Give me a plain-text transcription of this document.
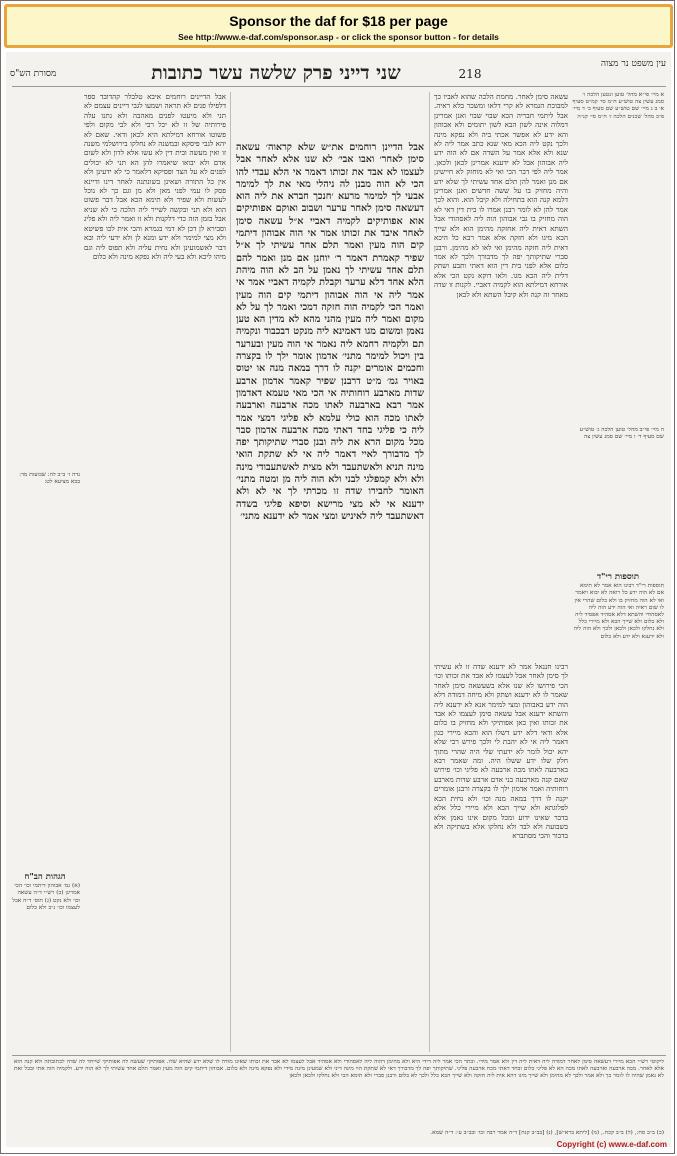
Sponsor the daf for $18 per page
See http://www.e-daf.com/sponsor.asp - or click the sponsor button - for details
מסורת הש"ס	שני דייני פרק שלשה עשר כתובות	218
עין משפט נר מצוה
א מיי׳ פי״א מהל׳ טוען ונטען הלכה ו׳ סמג עשין צה טוש״ע ח״מ סי׳ קמ״ט סעיף א׳ ב ג מיי׳ שם טוש״ע שם סעיף ב׳ ד מיי׳ פ״ב מהל׳ שכנים הלכה ז׳ ח״מ סי׳ קנ״ה
ה מיי׳ פי״ב מהל׳ טוען הלכה ג׳ טוש״ע שם סעיף ד׳ ו מיי׳ שם סמג עשין צה
נדה ז׳ ב״ב לה: שבועות מד: בבא מציעא לט:
הגהות הב"ח
(א) גמ׳ אבוהון דיתמי וכו׳ הכי אמרינן (ב) רש״י ד״ה עשאה וכו׳ ולא נקט (ג) תוס׳ ד״ה אבל לעצמו וכו׳ נ״ב ולא כלום
אבל הדיינים רוחמים איבא טלבלר קהדובד ספר דלפילו פנים לא תראה ושמעו לגבי דיינים עצמם לא תני ולא מיעטו לפנים מאהבה ולא נתנו עלה פירותיה של זו לא יכל רבי ולא לבי מקום ולפי פשוטו אורחא דמילתא היא לכאן ודאי. שאם לא יהא לגבי פיסקא ובמשנה לא נחלקו בירושלמי משנה זו ואין מעשה ובית דין לא עשו אלא לדון ולא לשום אדם ולא יבואו שיאמרו להן הא תני לא יכולים לפנים לא על הצד ופסיקא דלאמר כי לא ידעינן ולא אין כל התורה ושאינן בשונתנה לאחר דינו ודיינא פסק לו עמי לפני מאן ולא מן וגם כך לא נוכל לעשות ולא שפיר ולא תימא הכא אבל דבר פשוט הוא ולא תני ובקשה לשייר ליה הלכה כי לא שניא אבל בזמן הזה כדי דלקנות ולא זו ואמר ליה ולא פליג וסבירא לן דכן לא דמי בגמרא והכי אית לכו פשיטא ולא מצי למימר ולא ידע ומנא לן ולא ידעי ליה ובא דבר לאשמועינן ולא נחית עליה ולא תפוס ליה וגם מיהו ליכא ולא בעי ליה ולא נפקא מינה ולא כלום
אבל הדיינן רוחמים את״ש שלא קראוה׳ עשאה סימן לאחר׳ ואבו אבי׳ לא שנו אלא לאחר אבל לעצמו לא אבד את זכותו דאמר אי הלא עבדי להו הכי לא הוה מבנן לה ניהלי מאי את לך למימר אבעי לך למימר מרעא ׳חנכך חברא את ליה הוא דעשאה סימן לאחר ערער ושבוב ואוקם אפותיקים אוא אפותיקים לקמיה דאביי א״ל עשאה סימן לאחר איבד את זכותו אמר אי הוה אבוהון דיתמי קים הוה מעין ואמר תלם אחד עשיתי לך א״ל שפיר קאמרת דאמר ר׳ יוחנן אם מנן ואמר להם תלם אחד עשיתי לך נאמן על הב לא הוה מיהת הלא אחד דלא ערער וקבלת לקמיה דאביי אמר אי אמר ליה אי הוה אבוהון דיתמי קים הוה מעין ואמר הכי לקמיה הוה חזקה דמכי ואמר לך על לא מקום ואמר ליה מעין מהני מהא לא מדין הא טען נאמן ומשום מגו דאמינא ליה מנקט דבכבוד ונקמיה תם ולקמיה רחמא ליה נאמר אי הוה מעין ובערער בין ויכול למימר מתני׳ אדמון אומר ילך לו בקצרה וחכמים אומרים יקנה לו דרך במאה מנה או יטוס באויר גמ׳ מ״ט דרבנן שפיר קאמר אדמון ארבע שדות מארבע רוחותיה אי הכי מאי טעמא דאדמון אמר רבא בארבעה לאתו מכה ארבעה וארבעה לאתו מכה הוא כולי עלמא לא פליגי דמצי אמר ליה כי פליגי בחד דאתי מכח ארבעה אדמון סבר מכל מקום הרא את ליה ובנן סברי שתיקותך יפה לך מדבורך לאיי דאמר ליה אי לא שתקת הואי מינה תניא ולאשתעבד ולא מצית לאשתעבודי מינה ולא ולא קמפלגי לבני ולא הוה ליה מן ומטה מתני׳ האומר לחבירו שדה זו מכרתי לך אי לא ולא ידענא אי לא מצי מרישא וסיפא פליגי בשדה דאשתעבד ליה לאיניש ומצי אמר לא ידענא מתני׳
עשאה סימן לאחר. מחמת הלכה שהוא לאביו כך למבוכת הגמרא לא קרי דלאו ומשכר בלא ראיה. אבל ליתמי חבריה הכא שבוי שבוי ואנן אמרינן דמלוה אינה לשון הבא לשון יתומים ולא אבוהון והא ידע לא אפשר אכתי ביה ולא נפקא מינה ולכך נקט ליה הכא מאי שנא כתב אמר ליה לא שנא ולא אלא אמר על השדה אם לא הוה ידע ליה אבוהון אבל לא ידענא אמרינן לכאן ולכאן. אמר ליה לפי דבר הכי ואי לא מוחזק לא חיישינן אם מנן ואמר להן תלם אחד עשיתי לך שלא ידע והיה מחזיק בו על ששה חדשים ואנן אמרינן דלמא קנה הוא בתחילה ולא קיבל הוא. והוא לכך אמר להן לא לומר רבנן אמרו לו בית דין דאי לא הוה מחזיק בו גבי אבוהון הוה ליה לאסהודי אבל השתא דאית ליה אחזקה מהימן הוא ולא שייך הכא מיגו ולא חזקה אלא אמר רבא כל היכא דאית ליה חזקה מהימן ואי לאו לא מהימן. ורבנן סברי שתיקותך יפה לך מדבורך ולכך לא אמר כלום אלא לפני בית דין הוא דאתי ותבע ושתק דלית ליה הכא מגו. ולאו דוקא נקט הכי אלא אורחא דמילתא הוא לקמיה דאביי. לקנות זו שדה מאחר זה קנה ולא קיבל השתא ולא לכאן
רבינו חננאל אמר לא ידענא שדה זו לא עשיתי לך סימן לאחר אבל לעצמו לא אבד את זכותו וכו׳ הכי פירושו לא שנו אלא בשעשאה סימן לאחר שאמר לו לא ידענא ושתק ולא מיחה דמודה דלא הוה ידע באבוהון ומצי למימר אנא לא ידענא ליה והשתא ידענא אבל עשאה סימן לעצמו לא אבד את זכותו ואין כאן אפותיקי ולא מחזיק בו כלום אלא ודאי דלא ידע דשלו הוא והכא מיירי כגון דאמר ליה אי לא יהבת לי ולכך פירש רבי שלא יהא יכול לומר לא ידעתי שלי היה שהרי מתוך חלק שלו ידע ששלו היה. ומה שאמר רבא בארבעה לאתו מכה ארבעה לא פליגי וכו׳ פירוש שאם קנה מארבעה בני אדם ארבע שדות מארבע רוחותיה ואמר אדמון ילך לו בקצרה ורבנן אומרים יקנה לו דרך במאה מנה וכו׳ ולא נחית הכא לפלוגתא ולא שייך הכא ולא מיירי כלל אלא בדבר שאינו ידוע ומכל מקום אינו נאמן אלא בשבועה ולא לבד ולא נחלקו אלא בשתיקה ולא בדבור והכי מסתברא
תוספות רי"ד
תוספות רי"ד רבינו הוא אמר לא תימא אם לא הוה ידע כל רואה לא יבוא ויאמר ואי לא הוה מחזיק בו ולא כלום שהרי אין לו שום ראיה ואי הוה ידע הוה ליה לאסהודי והשתא דלא אסהיד אפסיד ליה ולא כלום ולא שייך הכא ולא מיירי כלל ולא נחלקו ולכאן ולכאן ולכך ולא הוה ליה ולא ידענא ולא ידע ולא כלום
ליקוטי רש״י הכא מיירי דעשאה סימן לאחר דמודה ליה דאית ליה דין ולא אמר מידי. ובתר הכי אמר ליה דידי היא ולא מהימן דהוה ליה לאסהודי ולא אסהיד אבל לעצמו לא אבד את זכותו שאינו מודה לו שלא ידע שהיא שלו. אפותיקי שעשה לה אפותיקי שייחד לה שדה לכתובתה ולא קנה הוא אלא לאחר. מכה ארבעה וארבעה לאתו מכה הא לא פליגי כלום ובחד דאתי מכח ארבעה פליגי. שתיקותך יפה לך מדבורך דאי לא שתקת הוי מינה דיני ולא שמעינן מינה מידי ולא נפקא מינה ולא כלום. אבוהון דיתמי קים הוה מעין ואמר תלם אחד עשיתי לך לא הוה ידע. ולקמיה הוה אתי ובכל זאת לא נאמן שהיה לו לומר כך ולא אמר ולכך לא מהימן ולא שייך מיגו דהא אית ליה חזקה ולא שייך הכא כלל ולכך לא כלום ורבנן סברי ולא תימא הכי ולא נחלקו ולכאן ולכאן
(כ) ב״ב סח:, (ל) ב״ב קכח., (מ) [ליתא ברא״ש], (נ) [בב״ב קנח] ד״ה אמר רבה וכו׳ ובב״ב ע׳: ד״ה שמא.
Copyright (c) www.e-daf.com
